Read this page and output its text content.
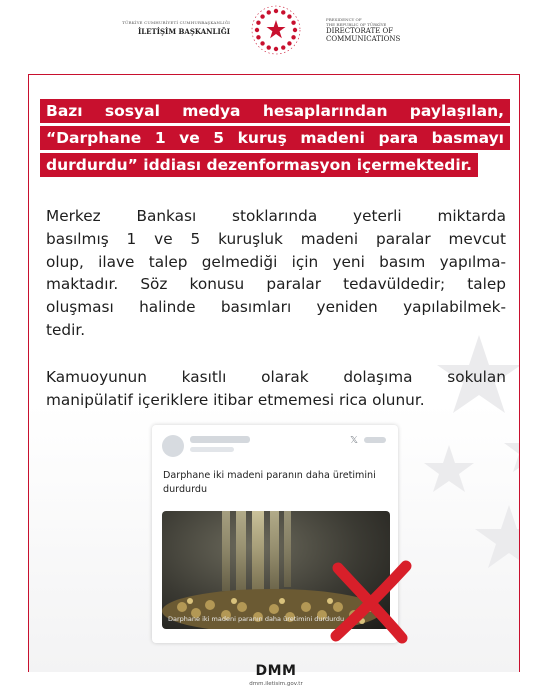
TÜRKİYE CUMHURİYETİ CUMHURBAŞKANLIĞI
İLETİŞİM BAŞKANLIĞI
PRESIDENCY OF
THE REPUBLIC OF TÜRKİYE
DIRECTORATE OF
COMMUNICATIONS
Bazı sosyal medya hesaplarından paylaşılan,
“Darphane 1 ve 5 kuruş madeni para basmayı
durdurdu” iddiası dezenformasyon içermektedir.
Merkez Bankası stoklarında yeterli miktarda
basılmış 1 ve 5 kuruşluk madeni paralar mevcut
olup, ilave talep gelmediği için yeni basım yapılma-
maktadır. Söz konusu paralar tedavüldedir; talep
oluşması halinde basımları yeniden yapılabilmek-
tedir.
Kamuoyunun kasıtlı olarak dolaşıma sokulan
manipülatif içeriklere itibar etmemesi rica olunur.
𝕏
Darphane iki madeni paranın daha üretimini durdurdu
Darphane iki madeni paranın daha üretimini durdurdu
DMM
dmm.iletisim.gov.tr
